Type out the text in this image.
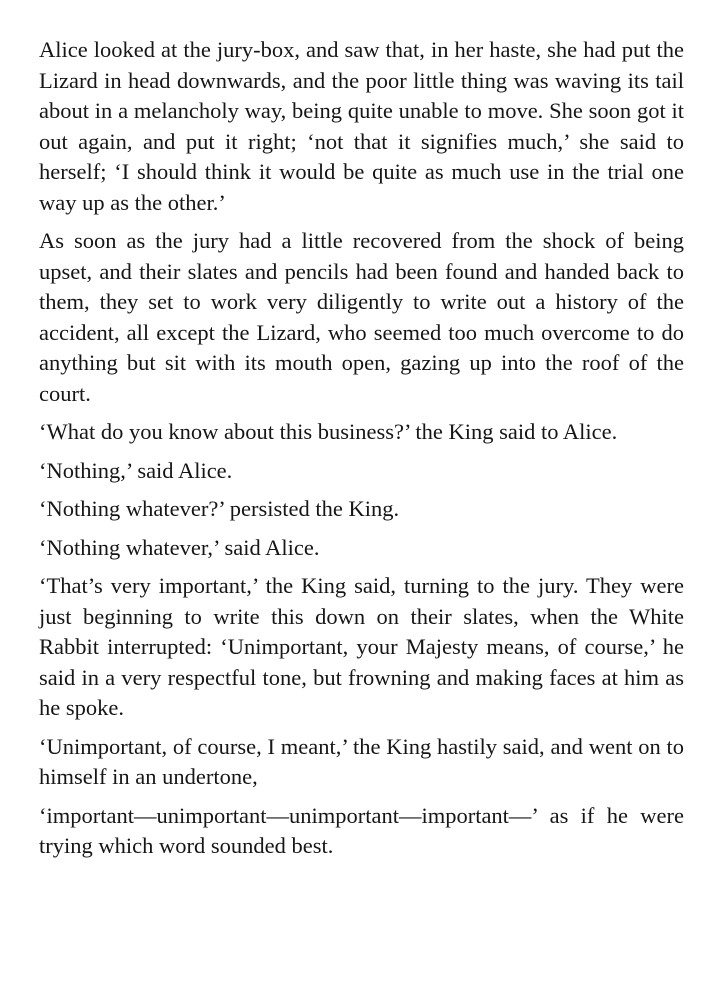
Alice looked at the jury-box, and saw that, in her haste, she had put the Lizard in head downwards, and the poor little thing was waving its tail about in a melancholy way, being quite unable to move. She soon got it out again, and put it right; ‘not that it signifies much,’ she said to herself; ‘I should think it would be quite as much use in the trial one way up as the other.’

As soon as the jury had a little recovered from the shock of being upset, and their slates and pencils had been found and handed back to them, they set to work very diligently to write out a history of the accident, all except the Lizard, who seemed too much overcome to do anything but sit with its mouth open, gazing up into the roof of the court.

‘What do you know about this business?’ the King said to Alice.

‘Nothing,’ said Alice.

‘Nothing whatever?’ persisted the King.

‘Nothing whatever,’ said Alice.

‘That’s very important,’ the King said, turning to the jury. They were just beginning to write this down on their slates, when the White Rabbit interrupted: ‘Unimportant, your Majesty means, of course,’ he said in a very respectful tone, but frowning and making faces at him as he spoke.

‘Unimportant, of course, I meant,’ the King hastily said, and went on to himself in an undertone,

‘important—unimportant—unimportant—important—’ as if he were trying which word sounded best.
